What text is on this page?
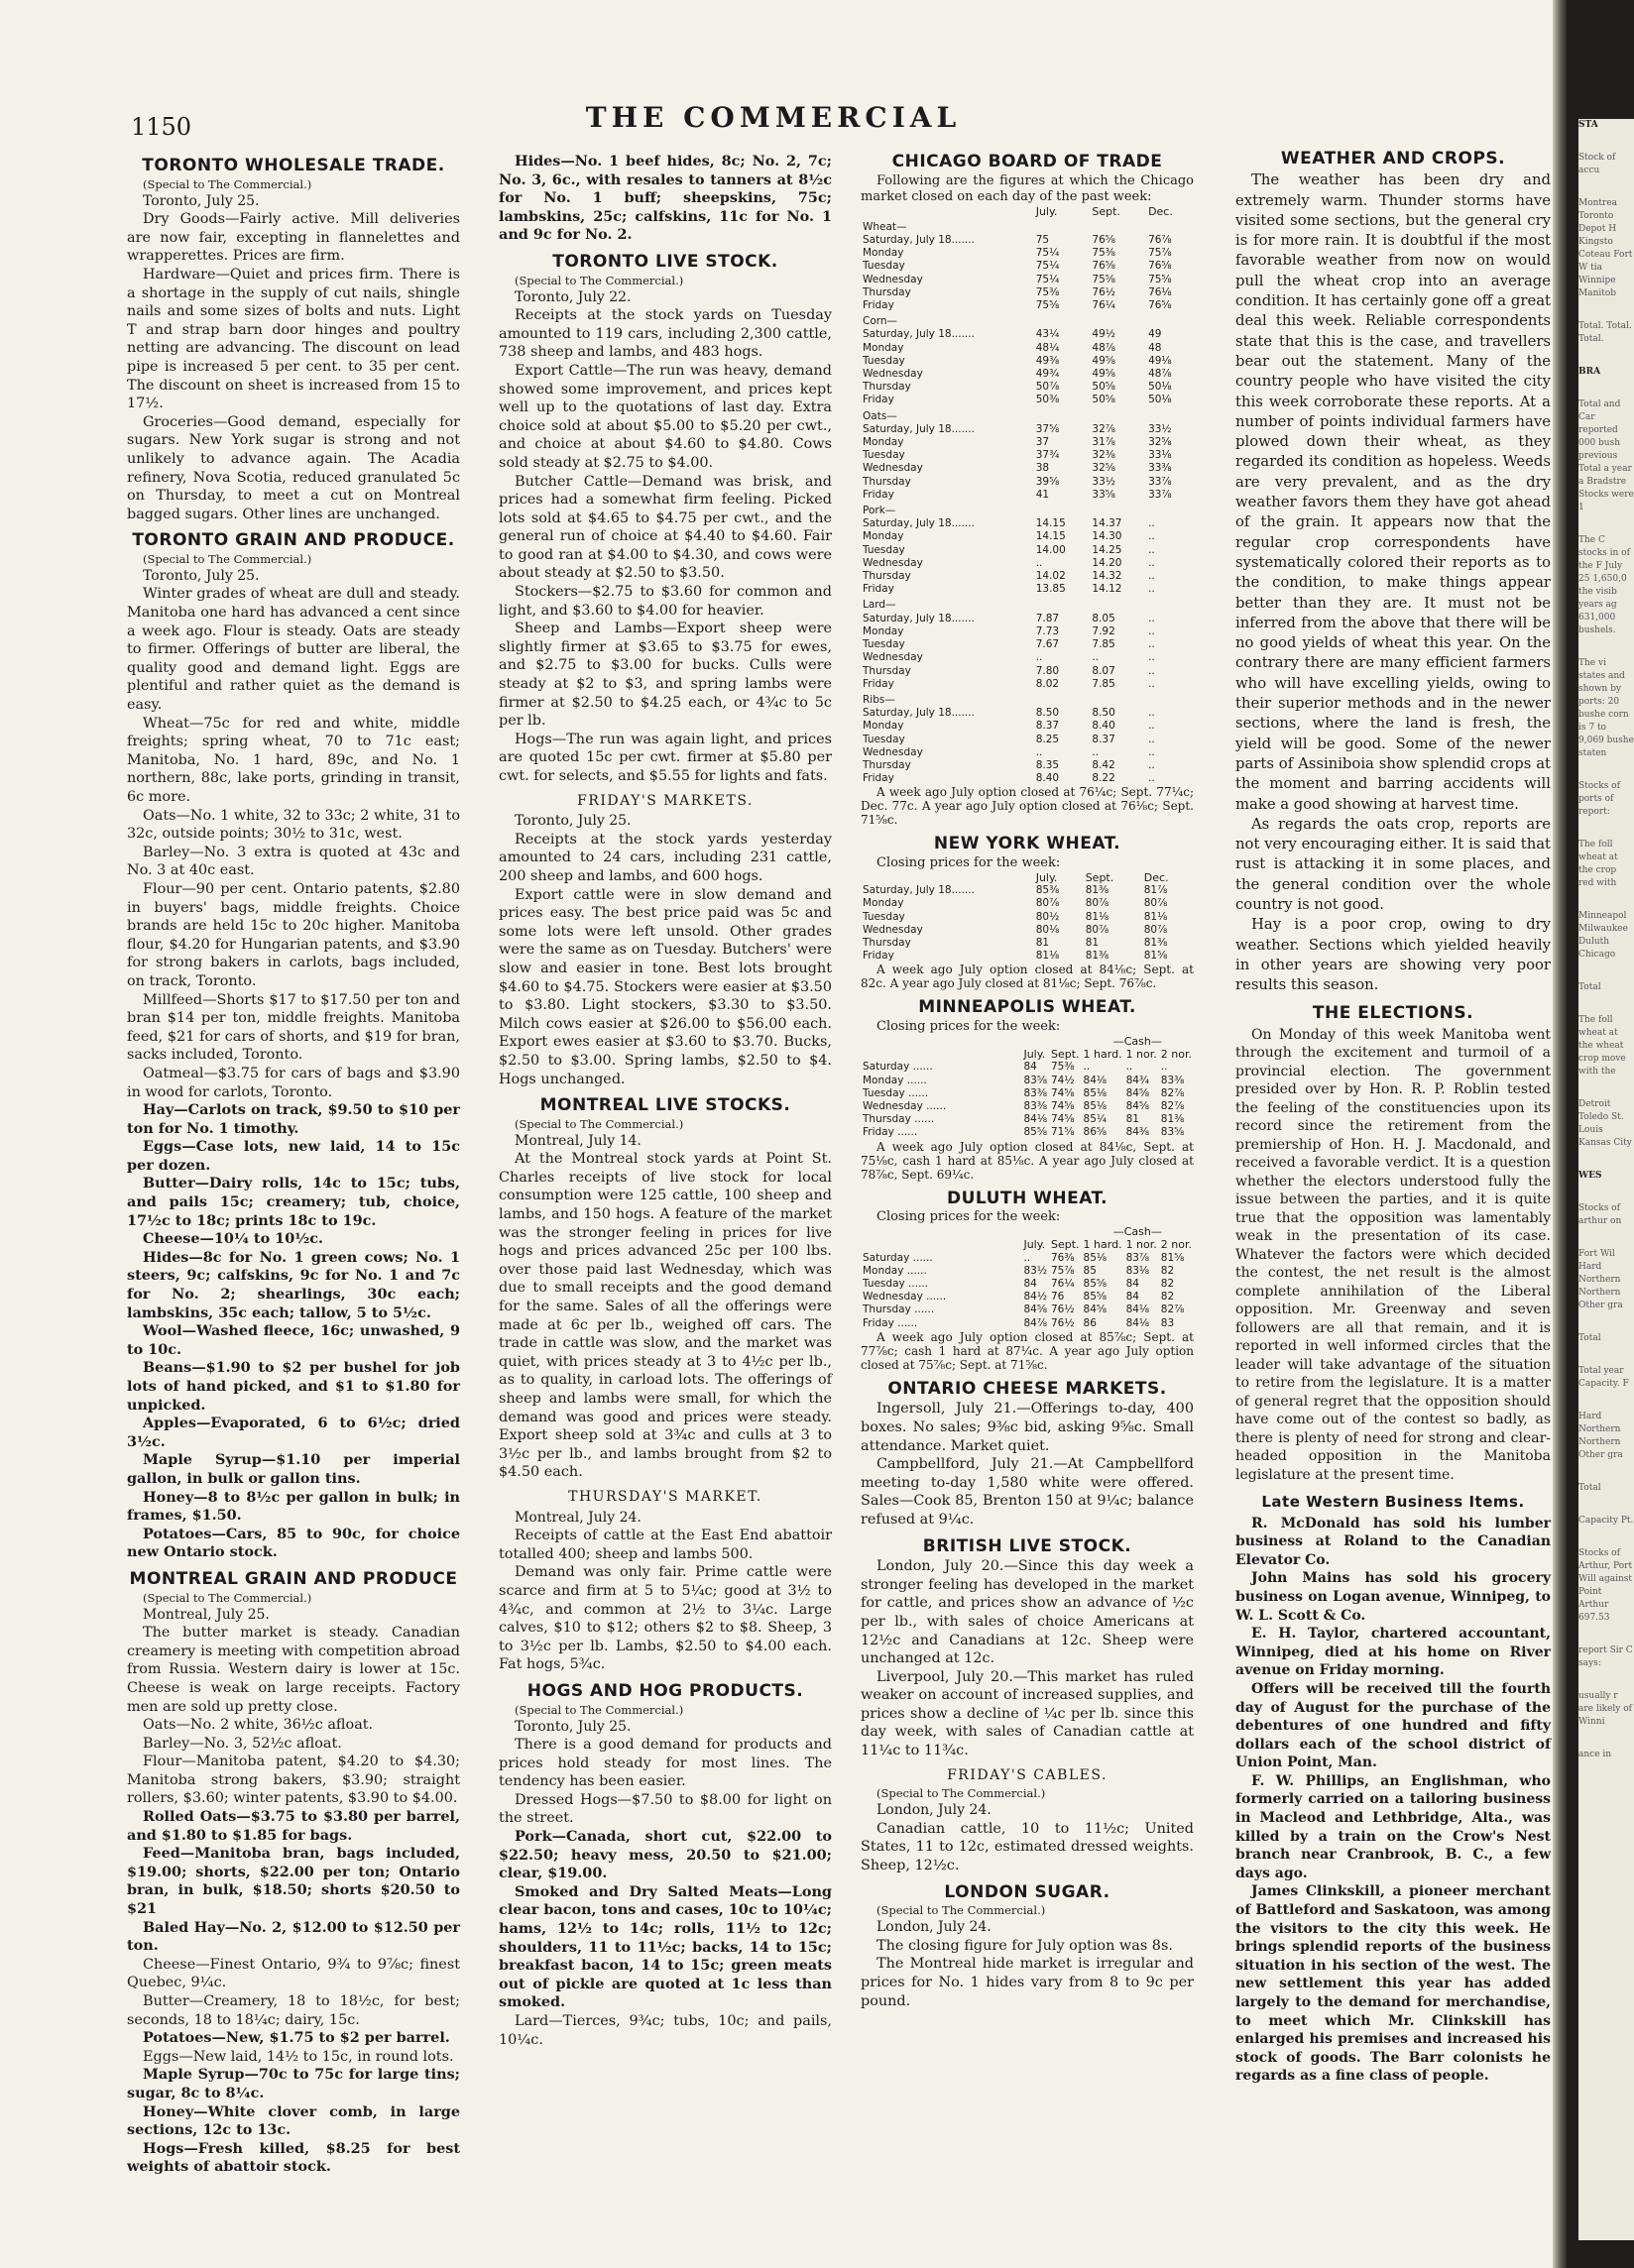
1150	THE COMMERCIAL
TORONTO WHOLESALE TRADE.

(Special to The Commercial.)

Toronto, July 25.

Dry Goods—Fairly active. Mill deliveries are now fair, excepting in flannelettes and wrapperettes. Prices are firm.

Hardware—Quiet and prices firm. There is a shortage in the supply of cut nails, shingle nails and some sizes of bolts and nuts. Light T and strap barn door hinges and poultry netting are advancing. The discount on lead pipe is increased 5 per cent. to 35 per cent. The discount on sheet is increased from 15 to 17½.

Groceries—Good demand, especially for sugars. New York sugar is strong and not unlikely to advance again. The Acadia refinery, Nova Scotia, reduced granulated 5c on Thursday, to meet a cut on Montreal bagged sugars. Other lines are unchanged.

TORONTO GRAIN AND PRODUCE.

(Special to The Commercial.)

Toronto, July 25.

Winter grades of wheat are dull and steady. Manitoba one hard has advanced a cent since a week ago. Flour is steady. Oats are steady to firmer. Offerings of butter are liberal, the quality good and demand light. Eggs are plentiful and rather quiet as the demand is easy.

Wheat—75c for red and white, middle freights; spring wheat, 70 to 71c east; Manitoba, No. 1 hard, 89c, and No. 1 northern, 88c, lake ports, grinding in transit, 6c more.

Oats—No. 1 white, 32 to 33c; 2 white, 31 to 32c, outside points; 30½ to 31c, west.

Barley—No. 3 extra is quoted at 43c and No. 3 at 40c east.

Flour—90 per cent. Ontario patents, $2.80 in buyers' bags, middle freights. Choice brands are held 15c to 20c higher. Manitoba flour, $4.20 for Hungarian patents, and $3.90 for strong bakers in carlots, bags included, on track, Toronto.

Millfeed—Shorts $17 to $17.50 per ton and bran $14 per ton, middle freights. Manitoba feed, $21 for cars of shorts, and $19 for bran, sacks included, Toronto.

Oatmeal—$3.75 for cars of bags and $3.90 in wood for carlots, Toronto.

Hay—Carlots on track, $9.50 to $10 per ton for No. 1 timothy.

Eggs—Case lots, new laid, 14 to 15c per dozen.

Butter—Dairy rolls, 14c to 15c; tubs, and pails 15c; creamery; tub, choice, 17½c to 18c; prints 18c to 19c.

Cheese—10¼ to 10½c.

Hides—8c for No. 1 green cows; No. 1 steers, 9c; calfskins, 9c for No. 1 and 7c for No. 2; shearlings, 30c each; lambskins, 35c each; tallow, 5 to 5½c.

Wool—Washed fleece, 16c; unwashed, 9 to 10c.

Beans—$1.90 to $2 per bushel for job lots of hand picked, and $1 to $1.80 for unpicked.

Apples—Evaporated, 6 to 6½c; dried 3½c.

Maple Syrup—$1.10 per imperial gallon, in bulk or gallon tins.

Honey—8 to 8½c per gallon in bulk; in frames, $1.50.

Potatoes—Cars, 85 to 90c, for choice new Ontario stock.

MONTREAL GRAIN AND PRODUCE

(Special to The Commercial.)

Montreal, July 25.

The butter market is steady. Canadian creamery is meeting with competition abroad from Russia. Western dairy is lower at 15c. Cheese is weak on large receipts. Factory men are sold up pretty close.

Oats—No. 2 white, 36½c afloat.

Barley—No. 3, 52½c afloat.

Flour—Manitoba patent, $4.20 to $4.30; Manitoba strong bakers, $3.90; straight rollers, $3.60; winter patents, $3.90 to $4.00.

Rolled Oats—$3.75 to $3.80 per barrel, and $1.80 to $1.85 for bags.

Feed—Manitoba bran, bags included, $19.00; shorts, $22.00 per ton; Ontario bran, in bulk, $18.50; shorts $20.50 to $21

Baled Hay—No. 2, $12.00 to $12.50 per ton.

Cheese—Finest Ontario, 9¾ to 9⅞c; finest Quebec, 9¼c.

Butter—Creamery, 18 to 18½c, for best; seconds, 18 to 18¼c; dairy, 15c.

Potatoes—New, $1.75 to $2 per barrel.

Eggs—New laid, 14½ to 15c, in round lots.

Maple Syrup—70c to 75c for large tins; sugar, 8c to 8¼c.

Honey—White clover comb, in large sections, 12c to 13c.

Hogs—Fresh killed, $8.25 for best weights of abattoir stock.

Hides—No. 1 beef hides, 8c; No. 2, 7c; No. 3, 6c., with resales to tanners at 8½c for No. 1 buff; sheepskins, 75c; lambskins, 25c; calfskins, 11c for No. 1 and 9c for No. 2.

TORONTO LIVE STOCK.

(Special to The Commercial.)

Toronto, July 22.

Receipts at the stock yards on Tuesday amounted to 119 cars, including 2,300 cattle, 738 sheep and lambs, and 483 hogs.

Export Cattle—The run was heavy, demand showed some improvement, and prices kept well up to the quotations of last day. Extra choice sold at about $5.00 to $5.20 per cwt., and choice at about $4.60 to $4.80. Cows sold steady at $2.75 to $4.00.

Butcher Cattle—Demand was brisk, and prices had a somewhat firm feeling. Picked lots sold at $4.65 to $4.75 per cwt., and the general run of choice at $4.40 to $4.60. Fair to good ran at $4.00 to $4.30, and cows were about steady at $2.50 to $3.50.

Stockers—$2.75 to $3.60 for common and light, and $3.60 to $4.00 for heavier.

Sheep and Lambs—Export sheep were slightly firmer at $3.65 to $3.75 for ewes, and $2.75 to $3.00 for bucks. Culls were steady at $2 to $3, and spring lambs were firmer at $2.50 to $4.25 each, or 4¾c to 5c per lb.

Hogs—The run was again light, and prices are quoted 15c per cwt. firmer at $5.80 per cwt. for selects, and $5.55 for lights and fats.

FRIDAY'S MARKETS.

Toronto, July 25.

Receipts at the stock yards yesterday amounted to 24 cars, including 231 cattle, 200 sheep and lambs, and 600 hogs.

Export cattle were in slow demand and prices easy. The best price paid was 5c and some lots were left unsold. Other grades were the same as on Tuesday. Butchers' were slow and easier in tone. Best lots brought $4.60 to $4.75. Stockers were easier at $3.50 to $3.80. Light stockers, $3.30 to $3.50. Milch cows easier at $26.00 to $56.00 each. Export ewes easier at $3.60 to $3.70. Bucks, $2.50 to $3.00. Spring lambs, $2.50 to $4. Hogs unchanged.

MONTREAL LIVE STOCKS.

(Special to The Commercial.)

Montreal, July 14.

At the Montreal stock yards at Point St. Charles receipts of live stock for local consumption were 125 cattle, 100 sheep and lambs, and 150 hogs. A feature of the market was the stronger feeling in prices for live hogs and prices advanced 25c per 100 lbs. over those paid last Wednesday, which was due to small receipts and the good demand for the same. Sales of all the offerings were made at 6c per lb., weighed off cars. The trade in cattle was slow, and the market was quiet, with prices steady at 3 to 4½c per lb., as to quality, in carload lots. The offerings of sheep and lambs were small, for which the demand was good and prices were steady. Export sheep sold at 3¾c and culls at 3 to 3½c per lb., and lambs brought from $2 to $4.50 each.

THURSDAY'S MARKET.

Montreal, July 24.

Receipts of cattle at the East End abattoir totalled 400; sheep and lambs 500.

Demand was only fair. Prime cattle were scarce and firm at 5 to 5¼c; good at 3½ to 4¾c, and common at 2½ to 3¼c. Large calves, $10 to $12; others $2 to $8. Sheep, 3 to 3½c per lb. Lambs, $2.50 to $4.00 each. Fat hogs, 5¾c.

HOGS AND HOG PRODUCTS.

(Special to The Commercial.)

Toronto, July 25.

There is a good demand for products and prices hold steady for most lines. The tendency has been easier.

Dressed Hogs—$7.50 to $8.00 for light on the street.

Pork—Canada, short cut, $22.00 to $22.50; heavy mess, 20.50 to $21.00; clear, $19.00.

Smoked and Dry Salted Meats—Long clear bacon, tons and cases, 10c to 10¼c; hams, 12½ to 14c; rolls, 11½ to 12c; shoulders, 11 to 11½c; backs, 14 to 15c; breakfast bacon, 14 to 15c; green meats out of pickle are quoted at 1c less than smoked.

Lard—Tierces, 9¾c; tubs, 10c; and pails, 10¼c.

CHICAGO BOARD OF TRADE

Following are the figures at which the Chicago market closed on each day of the past week:

	July.	Sept.	Dec.
Wheat—			
Saturday, July 18.......	75	76⅝	76⅞
Monday	75¼	75⅜	75⅞
Tuesday	75¼	76⅝	76⅝
Wednesday	75¼	75⅝	75⅝
Thursday	75⅜	76½	76⅛
Friday	75⅝	76¼	76⅝
Corn—			
Saturday, July 18.......	43¼	49½	49
Monday	48¼	48⅞	48
Tuesday	49⅜	49⅝	49⅛
Wednesday	49¾	49⅝	48⅞
Thursday	50⅞	50⅝	50⅛
Friday	50⅜	50⅝	50⅛
Oats—			
Saturday, July 18.......	37⅝	32⅞	33½
Monday	37	31⅞	32⅝
Tuesday	37¾	32⅜	33⅛
Wednesday	38	32⅝	33⅜
Thursday	39⅝	33½	33⅞
Friday	41	33⅝	33⅞
Pork—			
Saturday, July 18.......	14.15	14.37	..
Monday	14.15	14.30	..
Tuesday	14.00	14.25	..
Wednesday	..	14.20	..
Thursday	14.02	14.32	..
Friday	13.85	14.12	..
Lard—			
Saturday, July 18.......	7.87	8.05	..
Monday	7.73	7.92	..
Tuesday	7.67	7.85	..
Wednesday	..	..	..
Thursday	7.80	8.07	..
Friday	8.02	7.85	..
Ribs—			
Saturday, July 18.......	8.50	8.50	..
Monday	8.37	8.40	..
Tuesday	8.25	8.37	..
Wednesday	..	..	..
Thursday	8.35	8.42	..
Friday	8.40	8.22	..

A week ago July option closed at 76¼c; Sept. 77¼c; Dec. 77c. A year ago July option closed at 76⅛c; Sept. 71⅝c.

NEW YORK WHEAT.

Closing prices for the week:

	July.	Sept.	Dec.
Saturday, July 18.......	85⅜	81⅜	81⅞
Monday	80⅞	80⅞	80⅞
Tuesday	80½	81⅛	81⅛
Wednesday	80⅛	80⅞	80⅞
Thursday	81	81	81⅜
Friday	81⅛	81⅜	81⅝

A week ago July option closed at 84⅛c; Sept. at 82c. A year ago July closed at 81⅛c; Sept. 76⅞c.

MINNEAPOLIS WHEAT.

Closing prices for the week:

			—Cash—		
	July.	Sept.	1 hard.	1 nor.	2 nor.
Saturday ......	84	75⅜	..	..	..
Monday ......	83⅝	74½	84⅛	84¾	83⅜
Tuesday ......	83⅜	74⅝	85⅛	84⅝	82⅞
Wednesday ......	83⅜	74⅝	85⅛	84⅝	82⅞
Thursday ......	84⅛	74⅝	85¼	81	81⅜
Friday ......	85⅝	71⅝	86⅝	84⅜	83⅝

A week ago July option closed at 84⅛c, Sept. at 75⅛c, cash 1 hard at 85⅛c. A year ago July closed at 78⅞c, Sept. 69¼c.

DULUTH WHEAT.

Closing prices for the week:

			—Cash—		
	July.	Sept.	1 hard.	1 nor.	2 nor.
Saturday ......	..	76⅜	85⅛	83⅞	81⅝
Monday ......	83½	75⅞	85	83⅛	82
Tuesday ......	84	76¼	85⅝	84	82
Wednesday ......	84½	76	85⅝	84	82
Thursday ......	84⅝	76½	84⅝	84⅛	82⅞
Friday ......	84⅞	76½	86	84⅛	83

A week ago July option closed at 85⅞c; Sept. at 77⅞c; cash 1 hard at 87¼c. A year ago July option closed at 75⅞c; Sept. at 71⅝c.

ONTARIO CHEESE MARKETS.

Ingersoll, July 21.—Offerings to-day, 400 boxes. No sales; 9⅜c bid, asking 9⅝c. Small attendance. Market quiet.

Campbellford, July 21.—At Campbellford meeting to-day 1,580 white were offered. Sales—Cook 85, Brenton 150 at 9¼c; balance refused at 9¼c.

BRITISH LIVE STOCK.

London, July 20.—Since this day week a stronger feeling has developed in the market for cattle, and prices show an advance of ½c per lb., with sales of choice Americans at 12½c and Canadians at 12c. Sheep were unchanged at 12c.

Liverpool, July 20.—This market has ruled weaker on account of increased supplies, and prices show a decline of ¼c per lb. since this day week, with sales of Canadian cattle at 11¼c to 11¾c.

FRIDAY'S CABLES.

(Special to The Commercial.)

London, July 24.

Canadian cattle, 10 to 11½c; United States, 11 to 12c, estimated dressed weights. Sheep, 12½c.

LONDON SUGAR.

(Special to The Commercial.)

London, July 24.

The closing figure for July option was 8s.

The Montreal hide market is irregular and prices for No. 1 hides vary from 8 to 9c per pound.

WEATHER AND CROPS.

The weather has been dry and extremely warm. Thunder storms have visited some sections, but the general cry is for more rain. It is doubtful if the most favorable weather from now on would pull the wheat crop into an average condition. It has certainly gone off a great deal this week. Reliable correspondents state that this is the case, and travellers bear out the statement. Many of the country people who have visited the city this week corroborate these reports. At a number of points individual farmers have plowed down their wheat, as they regarded its condition as hopeless. Weeds are very prevalent, and as the dry weather favors them they have got ahead of the grain. It appears now that the regular crop correspondents have systematically colored their reports as to the condition, to make things appear better than they are. It must not be inferred from the above that there will be no good yields of wheat this year. On the contrary there are many efficient farmers who will have excelling yields, owing to their superior methods and in the newer sections, where the land is fresh, the yield will be good. Some of the newer parts of Assiniboia show splendid crops at the moment and barring accidents will make a good showing at harvest time.

As regards the oats crop, reports are not very encouraging either. It is said that rust is attacking it in some places, and the general condition over the whole country is not good.

Hay is a poor crop, owing to dry weather. Sections which yielded heavily in other years are showing very poor results this season.

THE ELECTIONS.

On Monday of this week Manitoba went through the excitement and turmoil of a provincial election. The government presided over by Hon. R. P. Roblin tested the feeling of the constituencies upon its record since the retirement from the premiership of Hon. H. J. Macdonald, and received a favorable verdict. It is a question whether the electors understood fully the issue between the parties, and it is quite true that the opposition was lamentably weak in the presentation of its case. Whatever the factors were which decided the contest, the net result is the almost complete annihilation of the Liberal opposition. Mr. Greenway and seven followers are all that remain, and it is reported in well informed circles that the leader will take advantage of the situation to retire from the legislature. It is a matter of general regret that the opposition should have come out of the contest so badly, as there is plenty of need for strong and clear-headed opposition in the Manitoba legislature at the present time.

Late Western Business Items.

R. McDonald has sold his lumber business at Roland to the Canadian Elevator Co.

John Mains has sold his grocery business on Logan avenue, Winnipeg, to W. L. Scott & Co.

E. H. Taylor, chartered accountant, Winnipeg, died at his home on River avenue on Friday morning.

Offers will be received till the fourth day of August for the purchase of the debentures of one hundred and fifty dollars each of the school district of Union Point, Man.

F. W. Phillips, an Englishman, who formerly carried on a tailoring business in Macleod and Lethbridge, Alta., was killed by a train on the Crow's Nest branch near Cranbrook, B. C., a few days ago.

James Clinkskill, a pioneer merchant of Battleford and Saskatoon, was among the visitors to the city this week. He brings splendid reports of the business situation in his section of the west. The new settlement this year has added largely to the demand for merchandise, to meet which Mr. Clinkskill has enlarged his premises and increased his stock of goods. The Barr colonists he regards as a fine class of people.

STA
Stock of accu
Montrea Toronto Depot H Kingsto Coteau Fort W tia Winnipe Manitob
Total. Total. Total.
BRA
Total and Car reported 000 bush previous Total a year a Bradstre Stocks were 1
The C stocks in of the F July 25 1,650,0 the visib years ag 631,000 bushels.
The vi states and shown by ports: 20 bushe corn is 7 to 9,069 bushe staten
Stocks of ports of report:
The foll wheat at the crop red with
Minneapol Milwaukee Duluth Chicago
Total
The foll wheat at the wheat crop move with the
Detroit Toledo St. Louis Kansas City
WES
Stocks of arthur on
Fort Wil Hard Northern Northern Other gra
Total
Total year Capacity. F
Hard Northern Northern Other gra
Total
Capacity Pt.
Stocks of Arthur, Port Will against Point Arthur 697.53
report Sir C says:
usually r are likely of Winni
ance in
